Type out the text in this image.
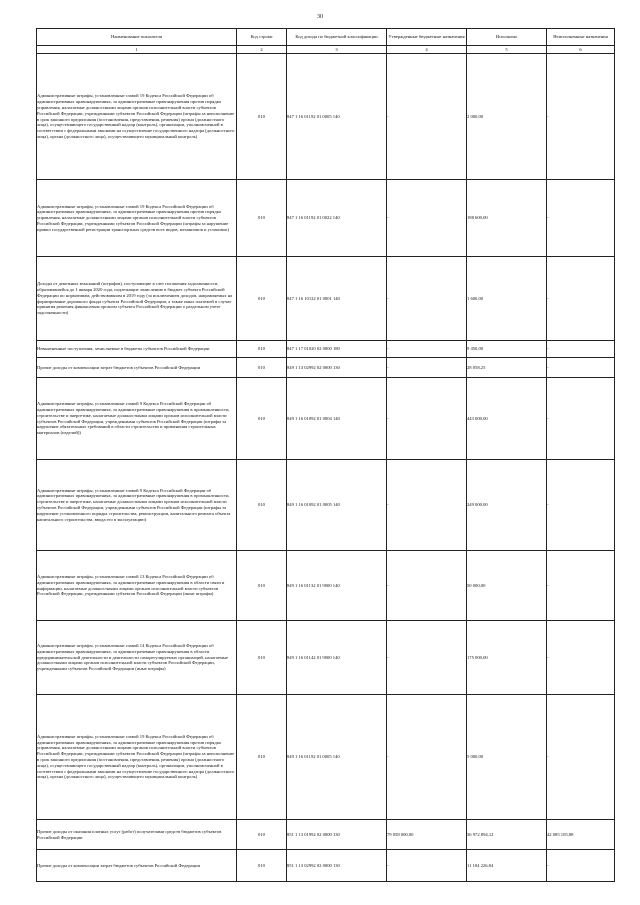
30
Наименование показателя	Код строки	Код дохода по бюджетной классификации	Утвержденные бюджетные назначения	Исполнено	Неисполненные назначения
1	2	3	4	5	6
Административные штрафы, установленные главой 19 Кодекса Российской Федерации об административных правонарушениях, за административные правонарушения против порядка управления, налагаемые должностными лицами органов исполнительной власти субъектов Российской Федерации, учрежденными субъектов Российской Федерации (штрафы за неисполнение в срок законного предписания (постановления, представления, решения) органа (должностного лица), осуществляющего государственный надзор (контроль), организации, уполномоченной в соответствии с федеральными законами на осуществление государственного надзора (должностного лица), органа (должностного лица), осуществляющего муниципальный контроль)	010	847 1 16 01192 01 0005 140	-	2 000,00	-
Административные штрафы, установленные главой 19 Кодекса Российской Федерации об административных правонарушениях, за административные правонарушения против порядка управления, налагаемые должностными лицами органов исполнительной власти субъектов Российской Федерации, учрежденными субъектов Российской Федерации (штрафы за нарушение правил государственной регистрации транспортных средств всех видов, механизмов и установок)	010	847 1 16 01192 01 0022 140	-	188 600,00	-
Доходы от денежных взысканий (штрафов), поступающие в счет погашения задолженности, образовавшейся до 1 января 2020 года, подлежащие зачислению в бюджет субъекта Российской Федерации по нормативам, действовавшим в 2019 году (за исключением доходов, направляемых на формирование дорожного фонда субъекта Российской Федерации, а также иных платежей в случае принятия решения финансовым органом субъекта Российской Федерации о раздельном учете задолженности)	010	847 1 16 10122 01 0001 140	-	1 600,00	-
Невыясненные поступления, зачисляемые в бюджеты субъектов Российской Федерации	010	847 1 17 01020 02 0000 180	-	9 450,00	-
Прочие доходы от компенсации затрат бюджетов субъектов Российской Федерации	010	849 1 13 02992 02 0000 130	-	28 058,25	-
Административные штрафы, установленные главой 9 Кодекса Российской Федерации об административных правонарушениях, за административные правонарушения в промышленности, строительстве и энергетике, налагаемые должностными лицами органов исполнительной власти субъектов Российской Федерации, учрежденными субъектов Российской Федерации (штрафы за нарушение обязательных требований в области строительства и применения строительных материалов (изделий))	010	849 1 16 01092 01 0004 140	-	443 000,00	-
Административные штрафы, установленные главой 9 Кодекса Российской Федерации об административных правонарушениях, за административные правонарушения в промышленности, строительстве и энергетике, налагаемые должностными лицами органов исполнительной власти субъектов Российской Федерации, учрежденными субъектов Российской Федерации (штрафы за нарушение установленного порядка строительства, реконструкции, капитального ремонта объекта капитального строительства, ввода его в эксплуатацию)	010	849 1 16 01092 01 0005 140	-	249 000,00	-
Административные штрафы, установленные главой 13 Кодекса Российской Федерации об административных правонарушениях, за административные правонарушения в области связи и информации, налагаемые должностными лицами органов исполнительной власти субъектов Российской Федерации, учрежденными субъектов Российской Федерации (иные штрафы)	010	849 1 16 01132 01 9000 140	-	50 000,00	-
Административные штрафы, установленные главой 14 Кодекса Российской Федерации об административных правонарушениях, за административные правонарушения в области предпринимательской деятельности и деятельности саморегулируемых организаций, налагаемые должностными лицами органов исполнительной власти субъектов Российской Федерации, учрежденными субъектов Российской Федерации (иные штрафы)	010	849 1 16 01142 01 9000 140	-	175 000,00	-
Административные штрафы, установленные главой 19 Кодекса Российской Федерации об административных правонарушениях, за административные правонарушения против порядка управления, налагаемые должностными лицами органов исполнительной власти субъектов Российской Федерации, учрежденными субъектов Российской Федерации (штрафы за неисполнение в срок законного предписания (постановления, представления, решения) органа (должностного лица), осуществляющего государственный надзор (контроль), организации, уполномоченной в соответствии с федеральными законами на осуществление государственного надзора (должностного лица), органа (должностного лица), осуществляющего муниципальный контроль)	010	849 1 16 01192 01 0005 140	-	5 000,00	-
Прочие доходы от оказания платных услуг (работ) получателями средств бюджетов субъектов Российской Федерации	010	851 1 13 01992 02 0000 130	79 058 000,00	36 972 894,12	42 085 105,88
Прочие доходы от компенсации затрат бюджетов субъектов Российской Федерации	010	851 1 13 02992 02 0000 130	-	11 104 226,84	-
